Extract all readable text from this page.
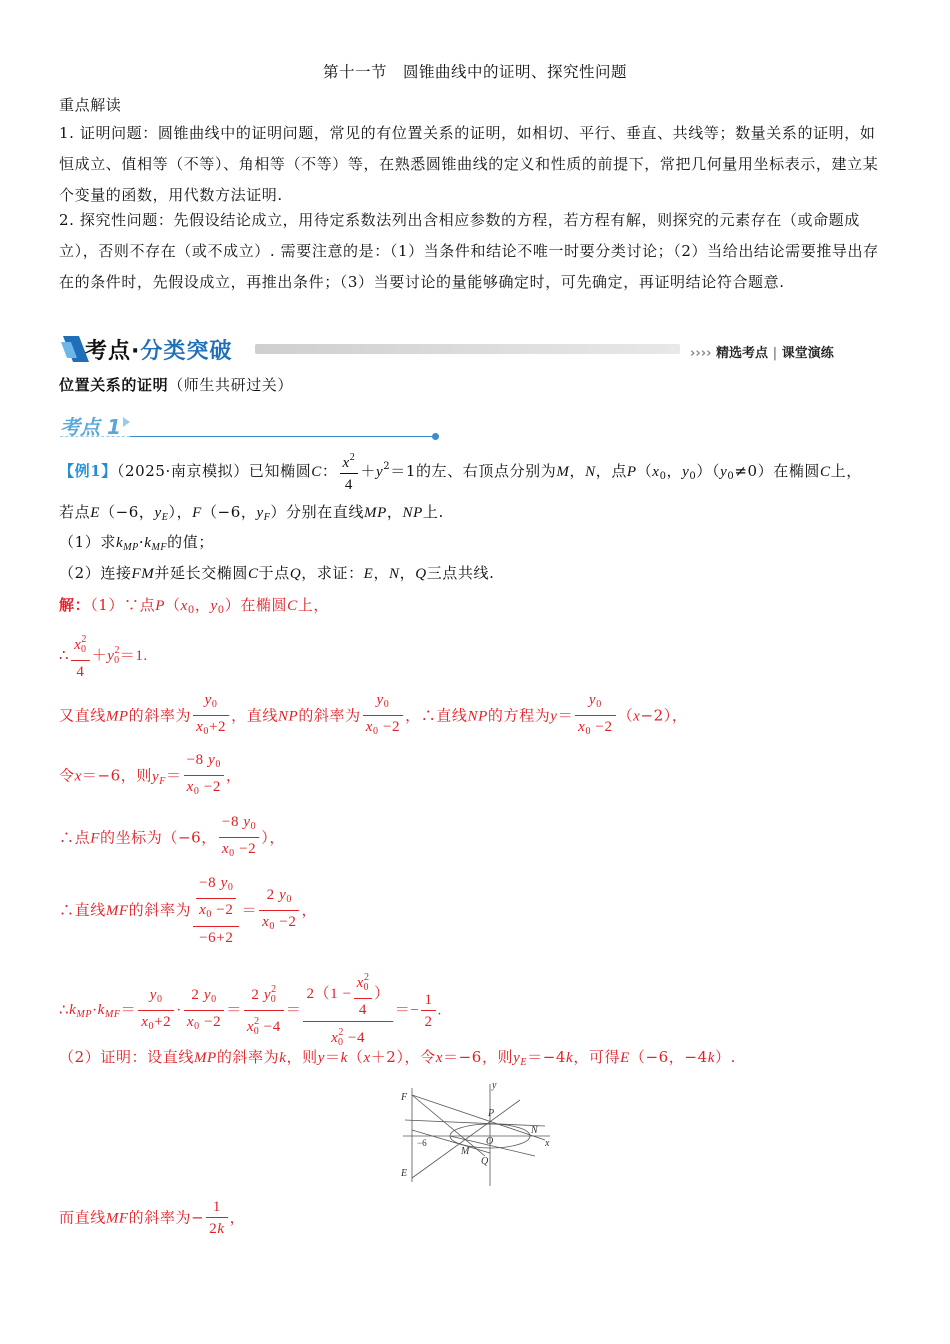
第十一节　圆锥曲线中的证明、探究性问题
重点解读
1. 证明问题：圆锥曲线中的证明问题，常见的有位置关系的证明，如相切、平行、垂直、共线等；数量关系的证明，如恒成立、值相等（不等）、角相等（不等）等，在熟悉圆锥曲线的定义和性质的前提下，常把几何量用坐标表示，建立某个变量的函数，用代数方法证明.
2. 探究性问题：先假设结论成立，用待定系数法列出含相应参数的方程，若方程有解，则探究的元素存在（或命题成立），否则不存在（或不成立）. 需要注意的是：（1）当条件和结论不唯一时要分类讨论；（2）当给出结论需要推导出存在的条件时，先假设成立，再推出条件；（3）当要讨论的量能够确定时，可先确定，再证明结论符合题意.
考点·分类突破	›››› 精选考点 | 课堂演练
位置关系的证明（师生共研过关）
考点 1
【例1】（2025·南京模拟）已知椭圆C： $\frac{x^2}{4} +y^2=1$的左、右顶点分别为M，N，点$P(x_0$，$y_0)(y_0\ne 0)$在椭圆C上，
若点E（−6，$y_E$），F（−6，$y_F$）分别在直线MP，NP上.
（1）求$k_{MP}\cdot k_{MF}$的值；
（2）连接FM并延长交椭圆C于点Q，求证：E，N，Q三点共线.
解：（1）∵点$P(x_0$，$y_0$）在椭圆C上，
∴ $\frac{x^2_0}{4} +y^2_0=1$.
又直线MP的斜率为 $\frac{y_0}{x_0+2}$ ，直线NP的斜率为 $\frac{y_0}{x_0 -2}$ ，∴直线NP的方程为$y= \frac{y_0}{x_0 -2} (x-2)$，
令x＝−6，则$y_F= \frac{-8 y_0}{x_0 -2}$ ，
∴点F的坐标为（−6， $\frac{-8 y_0}{x_0 -2}$ ），
∴直线MF的斜率为 $\frac{\frac{-8 y_0}{x_0 -2}}{-6+2} = \frac{2 y_0}{x_0 -2}$ ，
$\therefore k_{MP}\cdot k_{MF}= \frac{y_0}{x_0+2} \cdot \frac{2 y_0}{x_0 -2} = \frac{2 y^2_0}{x^2_0 -4} = \frac{2(1 - \frac{x^2_0}{4} )}{x^2_0 -4} =- \frac{1}{2}$ .
（2）证明：设直线MP的斜率为k，则y＝k（x＋2），令x＝−6，则$y_E=-4k$，可得E（−6，−4k）.
F
P
N
O
M
Q
E
−6	x
y
而直线MF的斜率为− $\frac{1}{2k}$ ，
